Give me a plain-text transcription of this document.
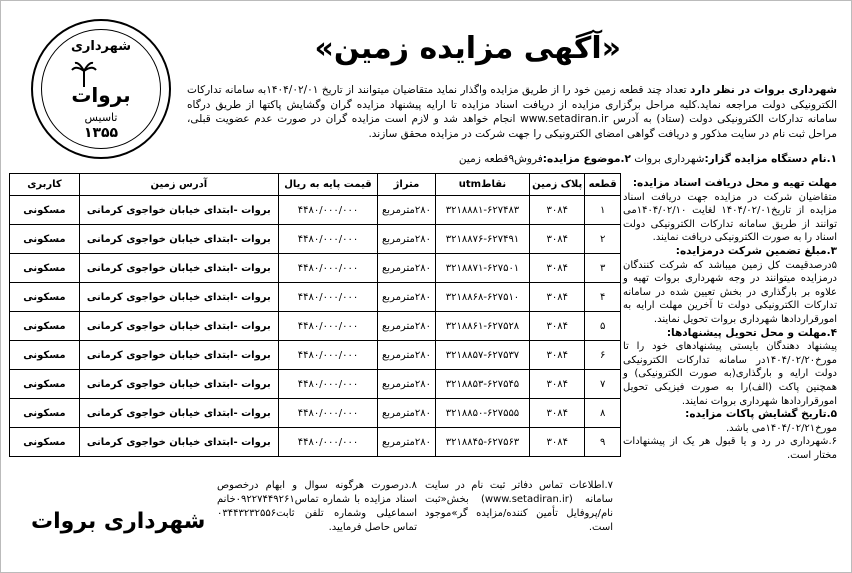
شهرداری
بروات
تاسیس
۱۳۵۵
«آگهی مزایده زمین»
شهرداری بروات در نظر دارد تعداد چند قطعه زمین خود را از طریق مزایده واگذار نماید متقاضیان میتوانند از تاریخ ۱۴۰۴/۰۲/۰۱به سامانه تدارکات الکترونیکی دولت مراجعه نماید.کلیه مراحل برگزاری مزایده از دریافت اسناد مزایده تا ارایه پیشنهاد مزایده گران وگشایش پاکتها از طریق درگاه سامانه تدارکات الکترونیکی دولت (ستاد) به آدرس www.setadiran.ir انجام خواهد شد و لازم است مزایده گران در صورت عدم عضویت قبلی، مراحل ثبت نام در سایت مذکور و دریافت گواهی امضای الکترونیکی را جهت شرکت در مزایده محقق سازند.
۱.نام دستگاه مزایده گزار:شهرداری بروات ۲.موضوع مزایده:فروش۹قطعه زمین
قطعه	پلاک زمین	نقاطutm	متراژ	قیمت پایه به ریال	آدرس زمین	کاربری
۱	۳۰۸۴	۳۲۱۸۸۸۱-۶۲۷۴۸۳	۲۸۰مترمربع	۴۴۸۰/۰۰۰/۰۰۰	بروات -ابتدای خیابان خواجوی کرمانی	مسکونی
۲	۳۰۸۴	۳۲۱۸۸۷۶-۶۲۷۴۹۱	۲۸۰مترمربع	۴۴۸۰/۰۰۰/۰۰۰	بروات -ابتدای خیابان خواجوی کرمانی	مسکونی
۳	۳۰۸۴	۳۲۱۸۸۷۱-۶۲۷۵۰۱	۲۸۰مترمربع	۴۴۸۰/۰۰۰/۰۰۰	بروات -ابتدای خیابان خواجوی کرمانی	مسکونی
۴	۳۰۸۴	۳۲۱۸۸۶۸-۶۲۷۵۱۰	۲۸۰مترمربع	۴۴۸۰/۰۰۰/۰۰۰	بروات -ابتدای خیابان خواجوی کرمانی	مسکونی
۵	۳۰۸۴	۳۲۱۸۸۶۱-۶۲۷۵۲۸	۲۸۰مترمربع	۴۴۸۰/۰۰۰/۰۰۰	بروات -ابتدای خیابان خواجوی کرمانی	مسکونی
۶	۳۰۸۴	۳۲۱۸۸۵۷-۶۲۷۵۳۷	۲۸۰مترمربع	۴۴۸۰/۰۰۰/۰۰۰	بروات -ابتدای خیابان خواجوی کرمانی	مسکونی
۷	۳۰۸۴	۳۲۱۸۸۵۳-۶۲۷۵۴۵	۲۸۰مترمربع	۴۴۸۰/۰۰۰/۰۰۰	بروات -ابتدای خیابان خواجوی کرمانی	مسکونی
۸	۳۰۸۴	۳۲۱۸۸۵۰-۶۲۷۵۵۵	۲۸۰مترمربع	۴۴۸۰/۰۰۰/۰۰۰	بروات -ابتدای خیابان خواجوی کرمانی	مسکونی
۹	۳۰۸۴	۳۲۱۸۸۴۵-۶۲۷۵۶۳	۲۸۰مترمربع	۴۴۸۰/۰۰۰/۰۰۰	بروات -ابتدای خیابان خواجوی کرمانی	مسکونی
مهلت تهیه و محل دریافت اسناد مزایده:
متقاضیان شرکت در مزایده جهت دریافت اسناد مزایده از تاریخ۱۴۰۴/۰۲/۰۱ لغایت ۱۴۰۴/۰۲/۱۰می توانند از طریق سامانه تدارکات الکترونیکی دولت اسناد را به صورت الکترونیکی دریافت نمایند.
۳.مبلغ تضمین شرکت درمزایده:
۵درصدقیمت کل زمین میباشد که شرکت کنندگان درمزایده میتوانند در وجه شهرداری بروات تهیه و علاوه بر بارگذاری در بخش تعیین شده در سامانه تدارکات الکترونیکی دولت تا آخرین مهلت ارایه به امورقراردادها شهرداری بروات تحویل نمایند.
۴.مهلت و محل تحویل پیشنهادها:
پیشنهاد دهندگان بایستی پیشنهادهای خود را تا مورخ۱۴۰۴/۰۲/۲۰در سامانه تدارکات الکترونیکی دولت ارایه و بارگذاری(به صورت الکترونیکی) و همچنین پاکت (الف)را به صورت فیزیکی تحویل امورقراردادها شهرداری بروات نمایند.
۵.تاریخ گشایش پاکات مزایده:
مورخ۱۴۰۴/۰۲/۲۱می باشد.
۶.شهرداری در رد و یا قبول هر یک از پیشنهادات مختار است.
۷.اطلاعات تماس دفاتر ثبت نام در سایت سامانه (www.setadiran.ir) بخش«ثبت نام/پروفایل تأمین کننده/مزایده گر»موجود است.
۸.درصورت هرگونه سوال و ابهام درخصوص اسناد مزایده با شماره تماس۰۹۲۲۷۴۴۹۲۶۱خانم اسماعیلی وشماره تلفن ثابت۰۳۴۴۳۲۳۲۵۵۶ تماس حاصل فرمایید.
شهرداری بروات
